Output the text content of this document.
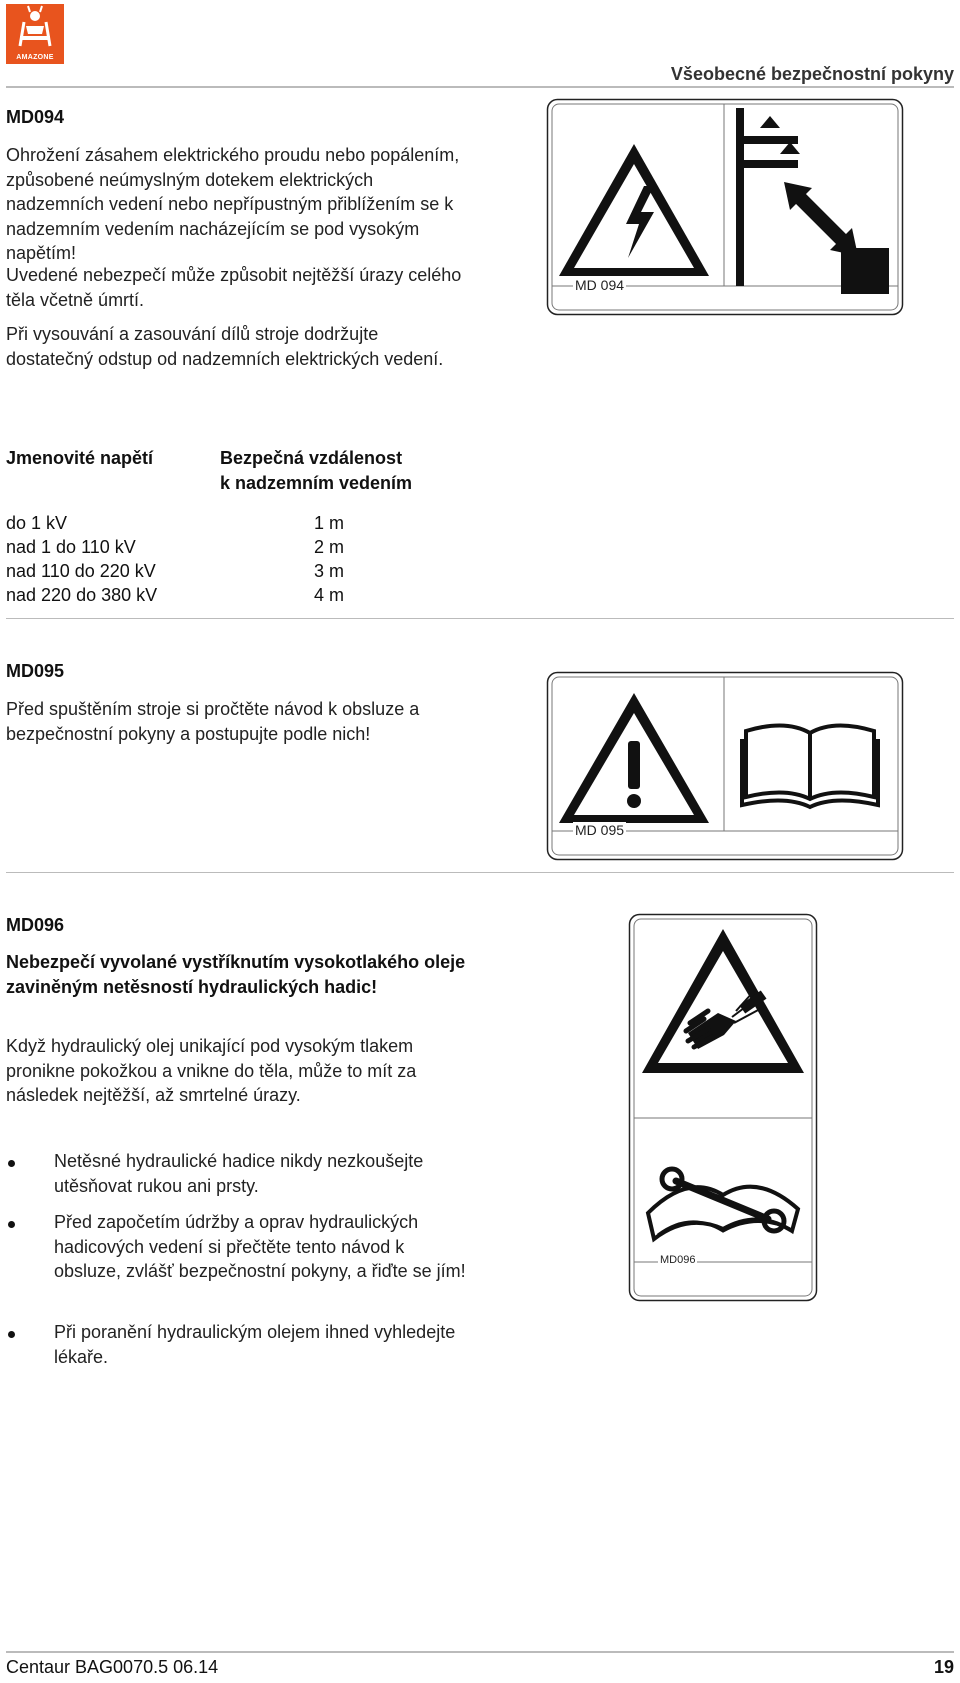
AMAZONE
Všeobecné bezpečnostní pokyny
MD094
Ohrožení zásahem elektrického proudu nebo popálením, způsobené neúmyslným dotekem elektrických nadzemních vedení nebo nepřípustným přiblížením se k nadzemním vedením nacházejícím se pod vysokým napětím!
Uvedené nebezpečí může způsobit nejtěžší úrazy celého těla včetně úmrtí.
Při vysouvání a zasouvání dílů stroje dodržujte dostatečný odstup od nadzemních elektrických vedení.
MD 094
Jmenovité napětí	Bezpečná vzdálenost
k nadzemním vedením
do 1 kV	1 m
nad 1 do 110 kV	2 m
nad 110 do 220 kV	3 m
nad 220 do 380 kV	4 m
MD095
Před spuštěním stroje si pročtěte návod k obsluze a bezpečnostní pokyny a postupujte podle nich!
MD 095
MD096
Nebezpečí vyvolané vystříknutím vysokotlakého oleje zaviněným netěsností hydraulických hadic!
Když hydraulický olej unikající pod vysokým tlakem pronikne pokožkou a vnikne do těla, může to mít za následek nejtěžší, až smrtelné úrazy.
Netěsné hydraulické hadice nikdy nezkoušejte utěsňovat rukou ani prsty.
Před započetím údržby a oprav hydraulických hadicových vedení si přečtěte tento návod k obsluze, zvlášť bezpečnostní pokyny, a řiďte se jím!
Při poranění hydraulickým olejem ihned vyhledejte lékaře.
MD096
Centaur BAG0070.5 06.14	19
